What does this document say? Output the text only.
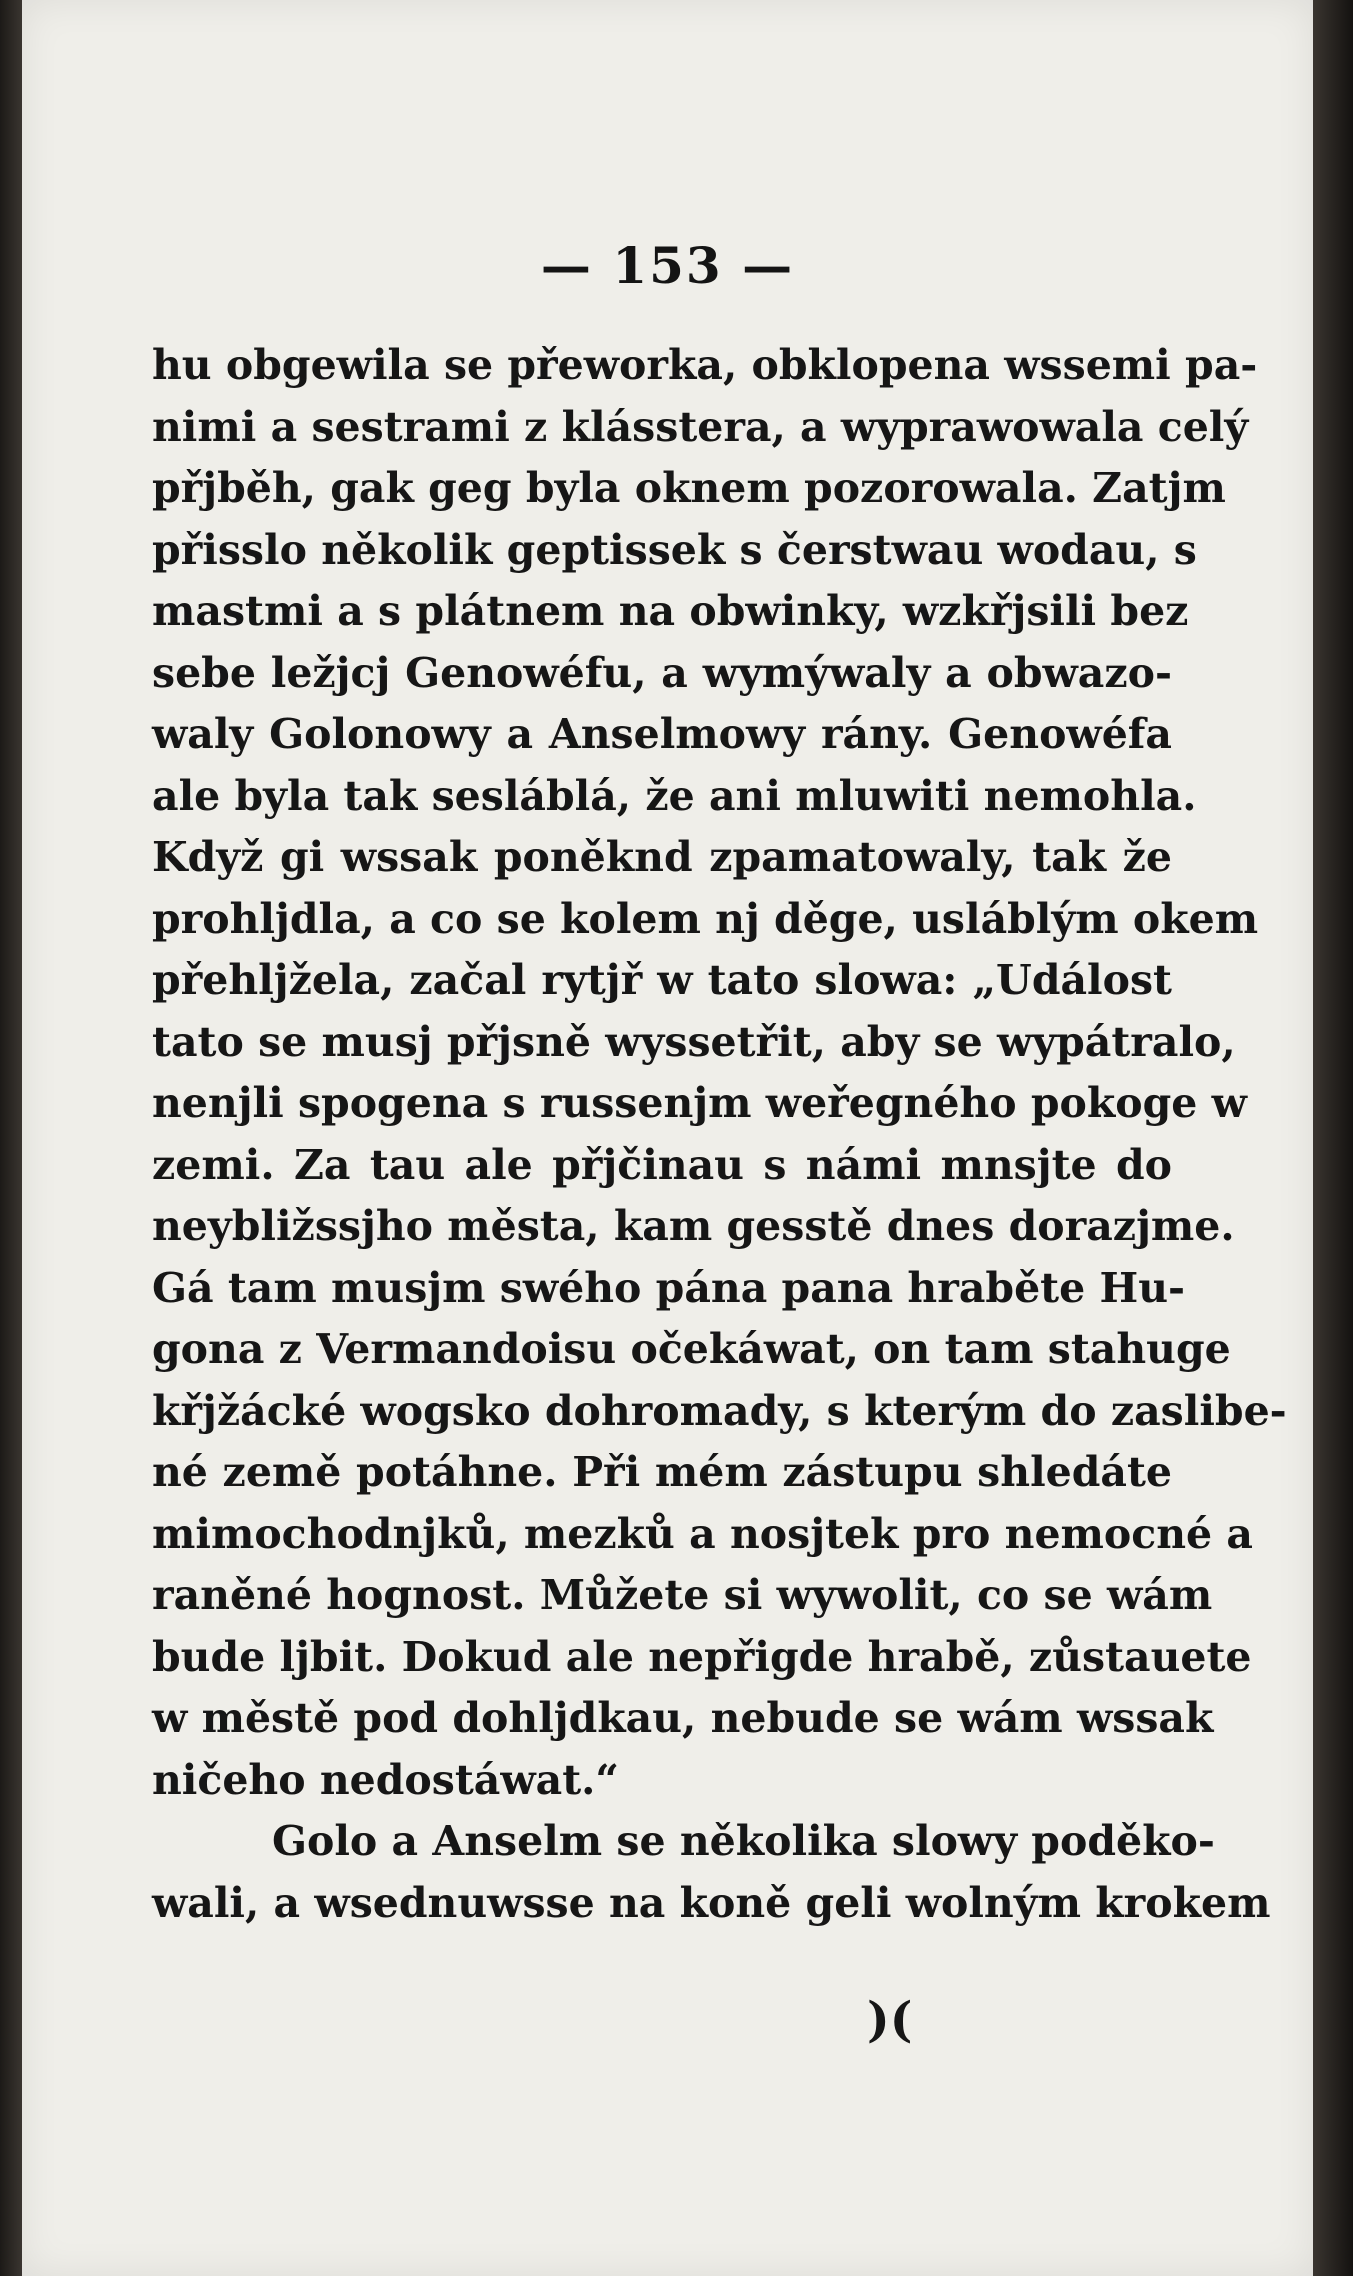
— 153 —
hu obgewila se přeworka, obklopena wssemi pa-
nimi a sestrami z klásstera, a wyprawowala celý
přjběh, gak geg byla oknem pozorowala. Zatjm
přisslo několik geptissek s čerstwau wodau, s
mastmi a s plátnem na obwinky, wzkřjsili bez
sebe ležjcj Genowéfu, a wymýwaly a obwazo-
waly Golonowy a Anselmowy rány. Genowéfa
ale byla tak sesláblá, že ani mluwiti nemohla.
Když gi wssak poněknd zpamatowaly, tak že
prohljdla, a co se kolem nj děge, usláblým okem
přehljžela, začal rytjř w tato slowa: „Událost
tato se musj přjsně wyssetřit, aby se wypátralo,
nenjli spogena s russenjm weřegného pokoge w
zemi. Za tau ale přjčinau s námi mnsjte do
neybližssjho města, kam gesstě dnes dorazjme.
Gá tam musjm swého pána pana hraběte Hu-
gona z Vermandoisu očekáwat, on tam stahuge
křjžácké wogsko dohromady, s kterým do zaslibe-
né země potáhne. Při mém zástupu shledáte
mimochodnjků, mezků a nosjtek pro nemocné a
raněné hognost. Můžete si wywolit, co se wám
bude ljbit. Dokud ale nepřigde hrabě, zůstauete
w městě pod dohljdkau, nebude se wám wssak
ničeho nedostáwat.“
Golo a Anselm se několika slowy poděko-
wali, a wsednuwsse na koně geli wolným krokem
)(
